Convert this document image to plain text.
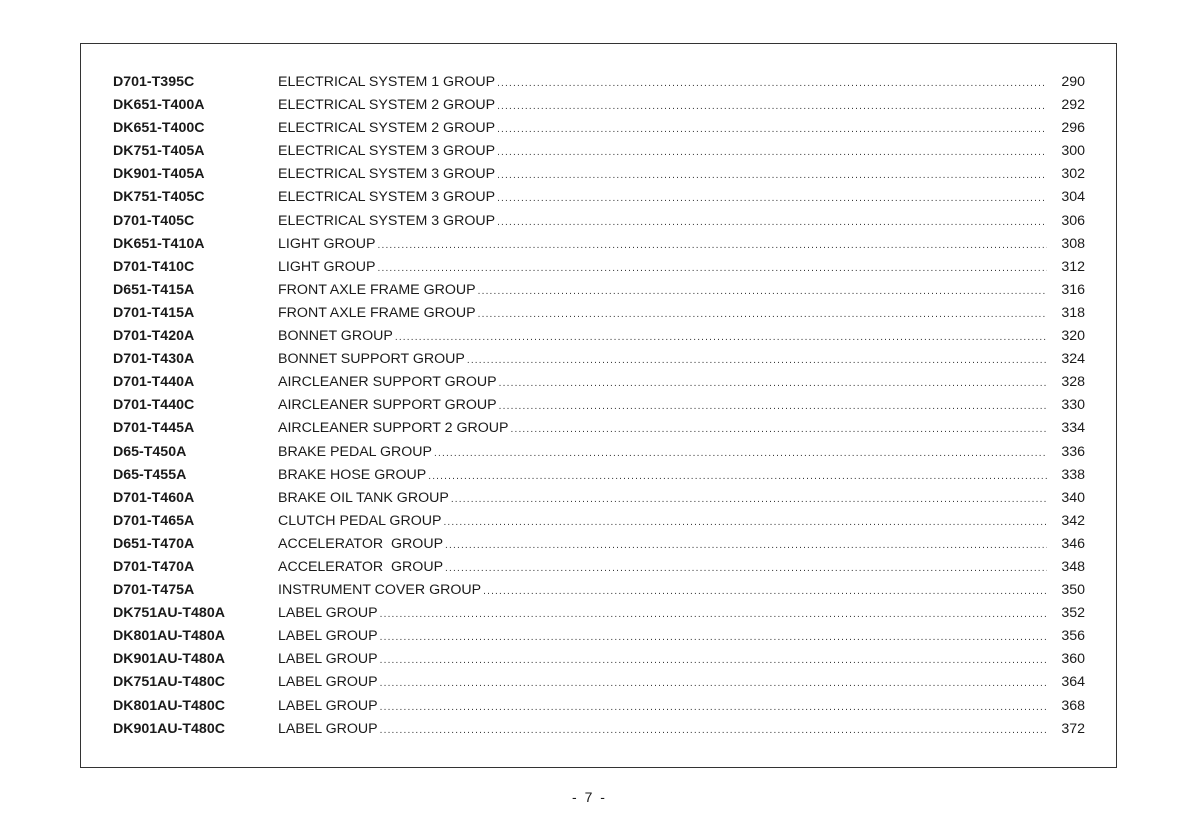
D701-T395C	ELECTRICAL SYSTEM 1 GROUP .....	290
DK651-T400A	ELECTRICAL SYSTEM 2 GROUP .....	292
DK651-T400C	ELECTRICAL SYSTEM 2 GROUP .....	296
DK751-T405A	ELECTRICAL SYSTEM 3 GROUP .....	300
DK901-T405A	ELECTRICAL SYSTEM 3 GROUP .....	302
DK751-T405C	ELECTRICAL SYSTEM 3 GROUP .....	304
D701-T405C	ELECTRICAL SYSTEM 3 GROUP .....	306
DK651-T410A	LIGHT GROUP .....	308
D701-T410C	LIGHT GROUP .....	312
D651-T415A	FRONT AXLE FRAME GROUP .....	316
D701-T415A	FRONT AXLE FRAME GROUP .....	318
D701-T420A	BONNET GROUP .....	320
D701-T430A	BONNET SUPPORT GROUP .....	324
D701-T440A	AIRCLEANER SUPPORT GROUP .....	328
D701-T440C	AIRCLEANER SUPPORT GROUP .....	330
D701-T445A	AIRCLEANER SUPPORT 2 GROUP .....	334
D65-T450A	BRAKE PEDAL GROUP .....	336
D65-T455A	BRAKE HOSE GROUP .....	338
D701-T460A	BRAKE OIL TANK GROUP .....	340
D701-T465A	CLUTCH PEDAL GROUP .....	342
D651-T470A	ACCELERATOR  GROUP .....	346
D701-T470A	ACCELERATOR  GROUP .....	348
D701-T475A	INSTRUMENT COVER GROUP .....	350
DK751AU-T480A	LABEL GROUP .....	352
DK801AU-T480A	LABEL GROUP .....	356
DK901AU-T480A	LABEL GROUP .....	360
DK751AU-T480C	LABEL GROUP .....	364
DK801AU-T480C	LABEL GROUP .....	368
DK901AU-T480C	LABEL GROUP .....	372
- 7 -
